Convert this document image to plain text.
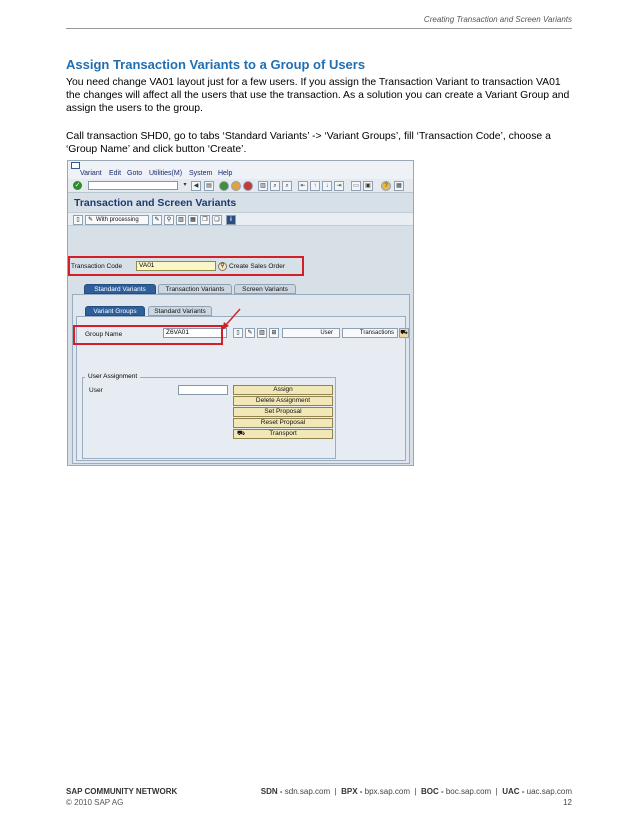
Creating Transaction and Screen Variants
Assign Transaction Variants to a Group of Users
You need change VA01 layout just for a few users. If you assign the Transaction Variant to transaction VA01 the changes will affect all the users that use the transaction. As a solution you can create a Variant Group and assign the users to the group.
Call transaction SHD0, go to tabs ‘Standard Variants’ -> ‘Variant Groups’, fill ‘Transaction Code’, choose a ‘Group Name’ and click button ‘Create’.
Variant Edit Goto Utilities(M) System Help
✓	▾	◀	▤	▥	⌕	⌕	⇤	↑	↓	⇥	▭	▣	?	▦
Transaction and Screen Variants
▯	✎ With processing	✎	⚲	▥	▦	❐	❏	i
Transaction Code	VA01	⚲ Create Sales Order
Standard Variants	Transaction Variants	Screen Variants
Variant Groups	Standard Variants
Group Name	Z6VA01	▯	✎	▥	⊞	User	Transactions	⛟
User Assignment
User	Assign
Delete Assignment
Set Proposal
Reset Proposal
⛟	Transport
SAP COMMUNITY NETWORK	SDN - sdn.sap.com  |  BPX - bpx.sap.com  |  BOC - boc.sap.com  |  UAC - uac.sap.com
© 2010 SAP AG	12
